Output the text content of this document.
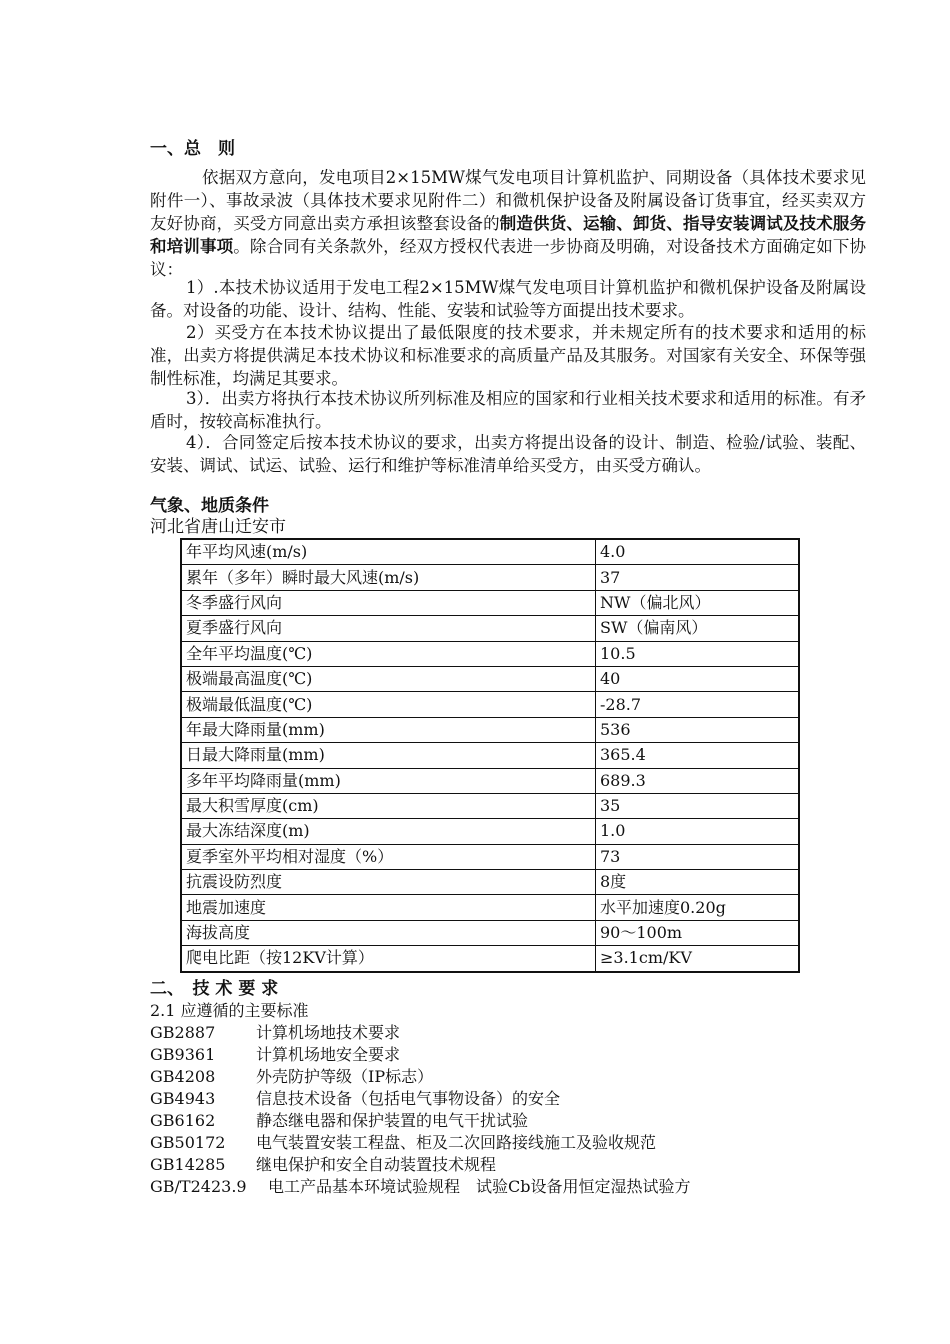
一、总　则
依据双方意向，发电项目2×15MW煤气发电项目计算机监护、同期设备（具体技术要求见附件一）、事故录波（具体技术要求见附件二）和微机保护设备及附属设备订货事宜，经买卖双方友好协商，买受方同意出卖方承担该整套设备的制造供货、运输、卸货、指导安装调试及技术服务和培训事项。除合同有关条款外，经双方授权代表进一步协商及明确，对设备技术方面确定如下协议：
1）.本技术协议适用于发电工程2×15MW煤气发电项目计算机监护和微机保护设备及附属设备。对设备的功能、设计、结构、性能、安装和试验等方面提出技术要求。
2）买受方在本技术协议提出了最低限度的技术要求，并未规定所有的技术要求和适用的标准，出卖方将提供满足本技术协议和标准要求的高质量产品及其服务。对国家有关安全、环保等强制性标准，均满足其要求。
3）．出卖方将执行本技术协议所列标准及相应的国家和行业相关技术要求和适用的标准。有矛盾时，按较高标准执行。
4）．合同签定后按本技术协议的要求，出卖方将提出设备的设计、制造、检验/试验、装配、安装、调试、试运、试验、运行和维护等标准清单给买受方，由买受方确认。
气象、地质条件
河北省唐山迁安市
年平均风速(m/s)	4.0
累年（多年）瞬时最大风速(m/s)	37
冬季盛行风向	NW（偏北风）
夏季盛行风向	SW（偏南风）
全年平均温度(℃)	10.5
极端最高温度(℃)	40
极端最低温度(℃)	-28.7
年最大降雨量(mm)	536
日最大降雨量(mm)	365.4
多年平均降雨量(mm)	689.3
最大积雪厚度(cm)	35
最大冻结深度(m)	1.0
夏季室外平均相对湿度（%）	73
抗震设防烈度	8度
地震加速度	水平加速度0.20g
海拔高度	90～100m
爬电比距（按12KV计算）	≥3.1cm/KV
二、　技 术 要 求
2.1 应遵循的主要标准
GB2887	计算机场地技术要求
GB9361	计算机场地安全要求
GB4208	外壳防护等级（IP标志）
GB4943	信息技术设备（包括电气事物设备）的安全
GB6162	静态继电器和保护装置的电气干扰试验
GB50172 电气装置安装工程盘、柜及二次回路接线施工及验收规范
GB14285 继电保护和安全自动装置技术规程
GB/T2423.9 电工产品基本环境试验规程　试验Cb设备用恒定湿热试验方
